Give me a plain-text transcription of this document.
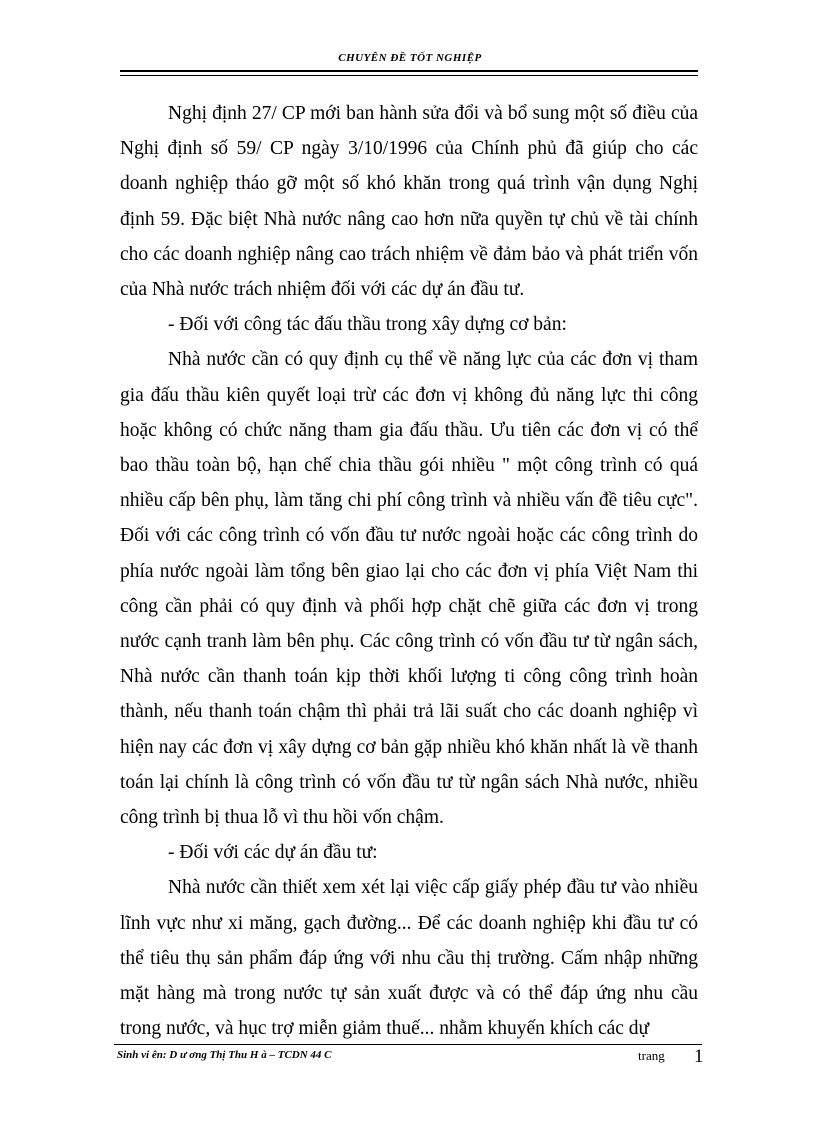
CHUYÊN ĐỀ TỐT NGHIỆP

Nghị định 27/ CP mới ban hành sửa đổi và bổ sung một số điều của Nghị định số 59/ CP ngày 3/10/1996 của Chính phủ đã giúp cho các doanh nghiệp tháo gỡ một số khó khăn trong quá trình vận dụng Nghị định 59. Đặc biệt Nhà nước nâng cao hơn nữa quyền tự chủ về tài chính cho các doanh nghiệp nâng cao trách nhiệm về đảm bảo và phát triển vốn của Nhà nước trách nhiệm đối với các dự án đầu tư.

- Đối với công tác đấu thầu trong xây dựng cơ bản:

Nhà nước cần có quy định cụ thể về năng lực của các đơn vị tham gia đấu thầu kiên quyết loại trừ các đơn vị không đủ năng lực thi công hoặc không có chức năng tham gia đấu thầu. Ưu tiên các đơn vị có thể bao thầu toàn bộ, hạn chế chia thầu gói nhiều " một công trình có quá nhiều cấp bên phụ, làm tăng chi phí công trình và nhiều vấn đề tiêu cực". Đối với các công trình có vốn đầu tư nước ngoài hoặc các công trình do phía nước ngoài làm tổng bên giao lại cho các đơn vị phía Việt Nam thi công cần phải có quy định và phối hợp chặt chẽ giữa các đơn vị trong nước cạnh tranh làm bên phụ. Các công trình có vốn đầu tư từ ngân sách, Nhà nước cần thanh toán kịp thời khối lượng ti công công trình hoàn thành, nếu thanh toán chậm thì phải trả lãi suất cho các doanh nghiệp vì hiện nay các đơn vị xây dựng cơ bản gặp nhiều khó khăn nhất là về thanh toán lại chính là công trình có vốn đầu tư từ ngân sách Nhà nước, nhiều công trình bị thua lỗ vì thu hồi vốn chậm.

- Đối với các dự án đầu tư:

Nhà nước cần thiết xem xét lại việc cấp giấy phép đầu tư vào nhiều lĩnh vực như xi măng, gạch đường... Để các doanh nghiệp khi đầu tư có thể tiêu thụ sản phẩm đáp ứng với nhu cầu thị trường. Cấm nhập những mặt hàng mà trong nước tự sản xuất được và có thể đáp ứng nhu cầu trong nước, và hục trợ miễn giảm thuế... nhằm khuyến khích các dự

Sinh vi ên: D ư ơng Thị Thu H à – TCDN 44 C	trang 1
